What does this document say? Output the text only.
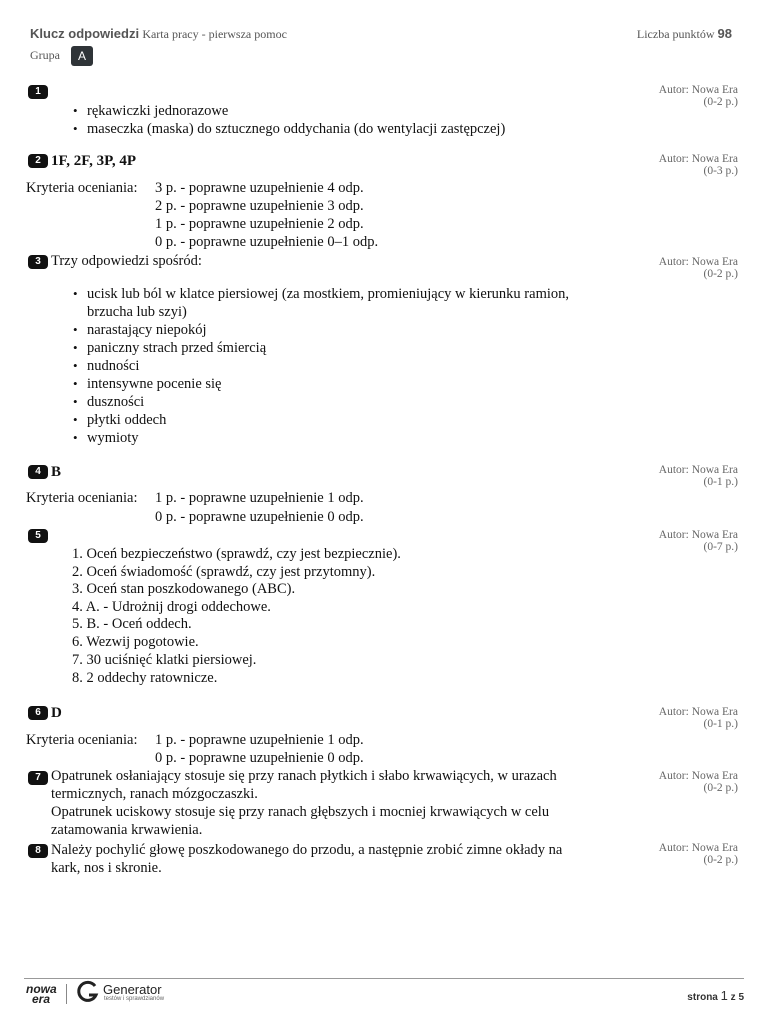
Klucz odpowiedzi Karta pracy - pierwsza pomoc	Liczba punktów 98
Grupa	A
1	Autor: Nowa Era
(0-2 p.)
• rękawiczki jednorazowe
• maseczka (maska) do sztucznego oddychania (do wentylacji zastępczej)
2	Autor: Nowa Era
(0-3 p.)
1F, 2F, 3P, 4P
Kryteria oceniania: 3 p. - poprawne uzupełnienie 4 odp.
2 p. - poprawne uzupełnienie 3 odp.
1 p. - poprawne uzupełnienie 2 odp.
0 p. - poprawne uzupełnienie 0–1 odp.
3	Autor: Nowa Era
(0-2 p.)
Trzy odpowiedzi spośród:
• ucisk lub ból w klatce piersiowej (za mostkiem, promieniujący w kierunku ramion,
brzucha lub szyi)
• narastający niepokój
• paniczny strach przed śmiercią
• nudności
• intensywne pocenie się
• duszności
• płytki oddech
• wymioty
4	Autor: Nowa Era
(0-1 p.)
B
Kryteria oceniania: 1 p. - poprawne uzupełnienie 1 odp.
0 p. - poprawne uzupełnienie 0 odp.
5	Autor: Nowa Era
(0-7 p.)
1. Oceń bezpieczeństwo (sprawdź, czy jest bezpiecznie).
2. Oceń świadomość (sprawdź, czy jest przytomny).
3. Oceń stan poszkodowanego (ABC).
4. A. - Udrożnij drogi oddechowe.
5. B. - Oceń oddech.
6. Wezwij pogotowie.
7. 30 uciśnięć klatki piersiowej.
8. 2 oddechy ratownicze.
6	Autor: Nowa Era
(0-1 p.)
D
Kryteria oceniania: 1 p. - poprawne uzupełnienie 1 odp.
0 p. - poprawne uzupełnienie 0 odp.
7	Autor: Nowa Era
(0-2 p.)
Opatrunek osłaniający stosuje się przy ranach płytkich i słabo krwawiących, w urazach
termicznych, ranach mózgoczaszki.
Opatrunek uciskowy stosuje się przy ranach głębszych i mocniej krwawiących w celu
zatamowania krwawienia.
8	Autor: Nowa Era
(0-2 p.)
Należy pochylić głowę poszkodowanego do przodu, a następnie zrobić zimne okłady na
kark, nos i skronie.
nowa
era
Generator
testów i sprawdzianów	strona 1 z 5
